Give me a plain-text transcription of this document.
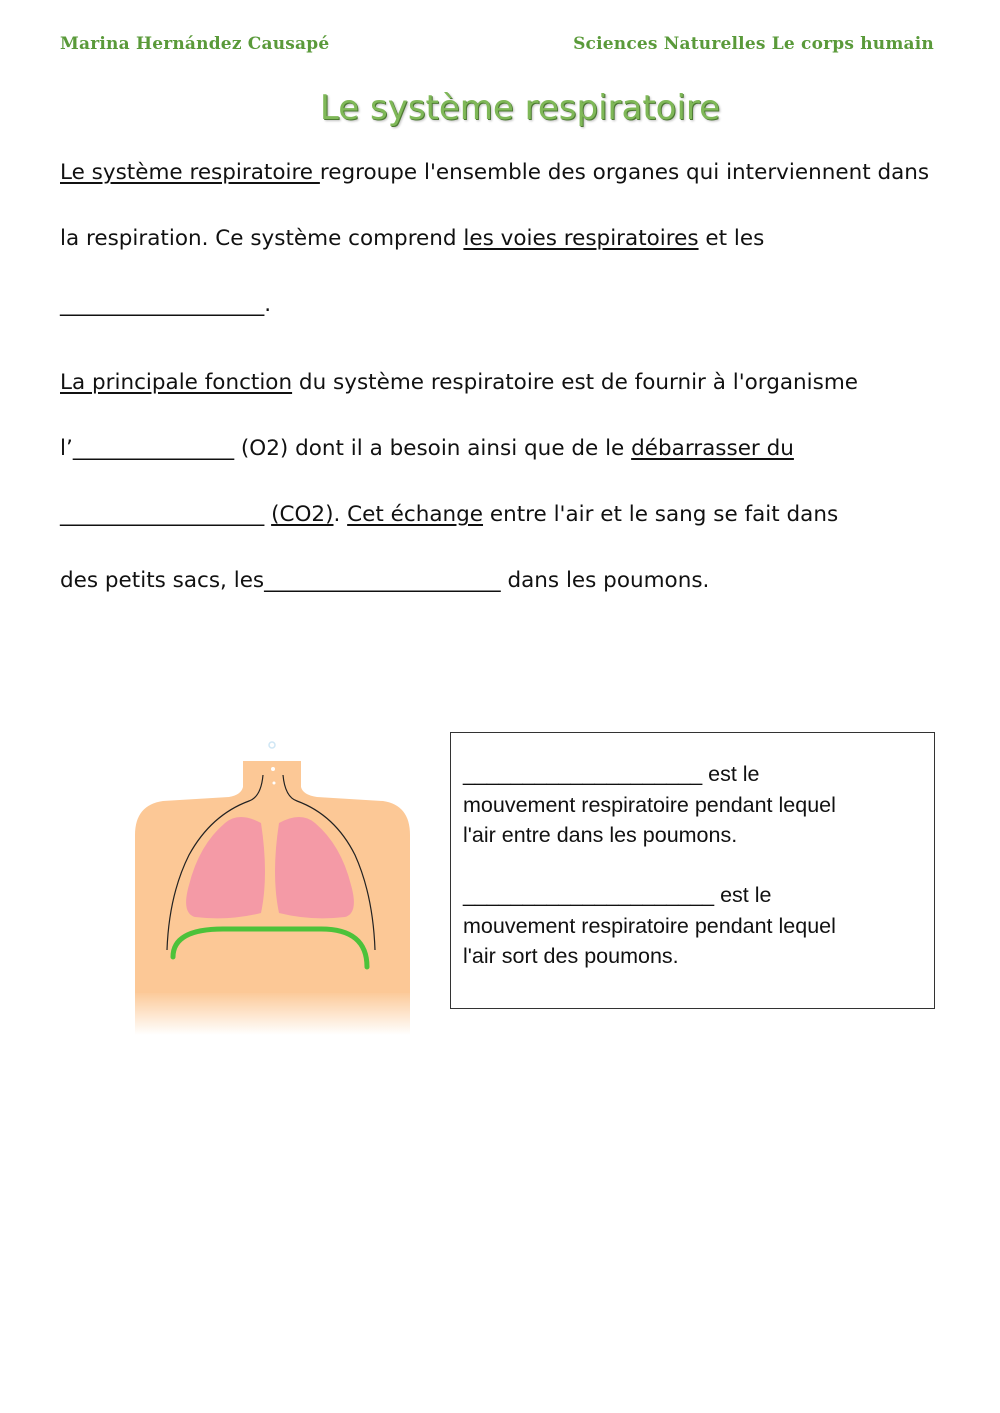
Marina Hernández Causapé	Sciences Naturelles Le corps humain
Le système respiratoire
Le système respiratoire regroupe l'ensemble des organes qui interviennent dans
la respiration. Ce système comprend les voies respiratoires et les
___________________.
La principale fonction du système respiratoire est de fournir à l'organisme
l’_______________ (O2) dont il a besoin ainsi que de le débarrasser du
___________________ (CO2). Cet échange entre l'air et le sang se fait dans
des petits sacs, les______________________ dans les poumons.
____________________ est le
mouvement respiratoire pendant lequel
l'air entre dans les poumons.
_____________________ est le
mouvement respiratoire pendant lequel
l'air sort des poumons.
